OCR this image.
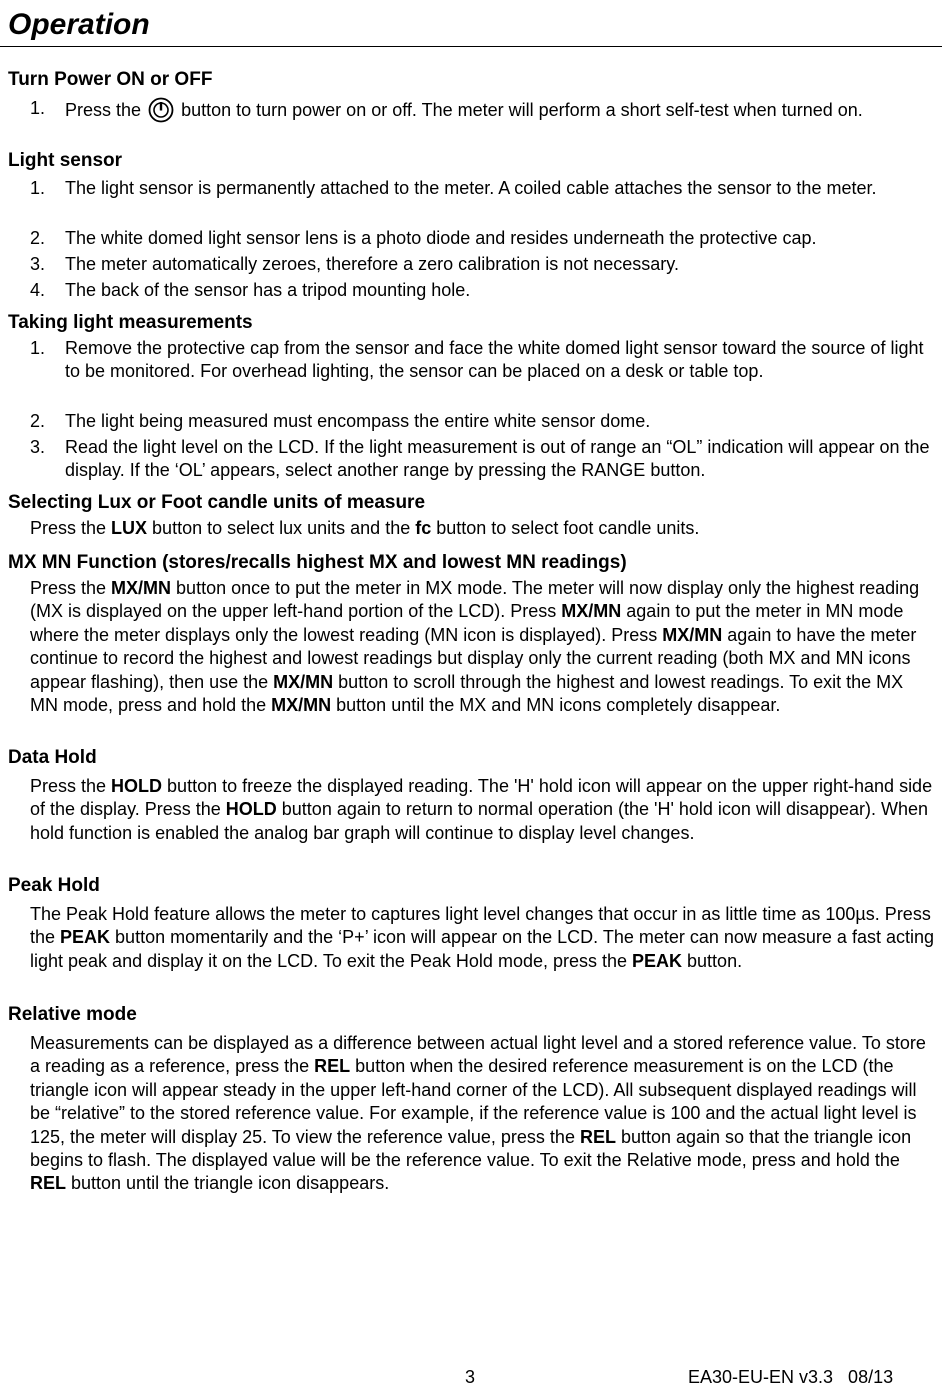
Operation
Turn Power ON or OFF
1. Press the button to turn power on or off. The meter will perform a short self-test when turned on.
Light sensor
1. The light sensor is permanently attached to the meter. A coiled cable attaches the sensor to the meter.
2. The white domed light sensor lens is a photo diode and resides underneath the protective cap.
3. The meter automatically zeroes, therefore a zero calibration is not necessary.
4. The back of the sensor has a tripod mounting hole.
Taking light measurements
1. Remove the protective cap from the sensor and face the white domed light sensor toward the source of light to be monitored. For overhead lighting, the sensor can be placed on a desk or table top.
2. The light being measured must encompass the entire white sensor dome.
3. Read the light level on the LCD. If the light measurement is out of range an “OL” indication will appear on the display. If the ‘OL’ appears, select another range by pressing the RANGE button.
Selecting Lux or Foot candle units of measure
Press the LUX button to select lux units and the fc button to select foot candle units.
MX MN Function (stores/recalls highest MX and lowest MN readings)
Press the MX/MN button once to put the meter in MX mode. The meter will now display only the highest reading (MX is displayed on the upper left-hand portion of the LCD). Press MX/MN again to put the meter in MN mode where the meter displays only the lowest reading (MN icon is displayed). Press MX/MN again to have the meter continue to record the highest and lowest readings but display only the current reading (both MX and MN icons appear flashing), then use the MX/MN button to scroll through the highest and lowest readings. To exit the MX MN mode, press and hold the MX/MN button until the MX and MN icons completely disappear.
Data Hold
Press the HOLD button to freeze the displayed reading. The 'H' hold icon will appear on the upper right-hand side of the display. Press the HOLD button again to return to normal operation (the 'H' hold icon will disappear). When hold function is enabled the analog bar graph will continue to display level changes.
Peak Hold
The Peak Hold feature allows the meter to captures light level changes that occur in as little time as 100µs. Press the PEAK button momentarily and the ‘P+’ icon will appear on the LCD. The meter can now measure a fast acting light peak and display it on the LCD. To exit the Peak Hold mode, press the PEAK button.
Relative mode
Measurements can be displayed as a difference between actual light level and a stored reference value. To store a reading as a reference, press the REL button when the desired reference measurement is on the LCD (the triangle icon will appear steady in the upper left-hand corner of the LCD). All subsequent displayed readings will be “relative” to the stored reference value. For example, if the reference value is 100 and the actual light level is 125, the meter will display 25. To view the reference value, press the REL button again so that the triangle icon begins to flash. The displayed value will be the reference value. To exit the Relative mode, press and hold the REL button until the triangle icon disappears.
3	EA30-EU-EN v3.3   08/13
